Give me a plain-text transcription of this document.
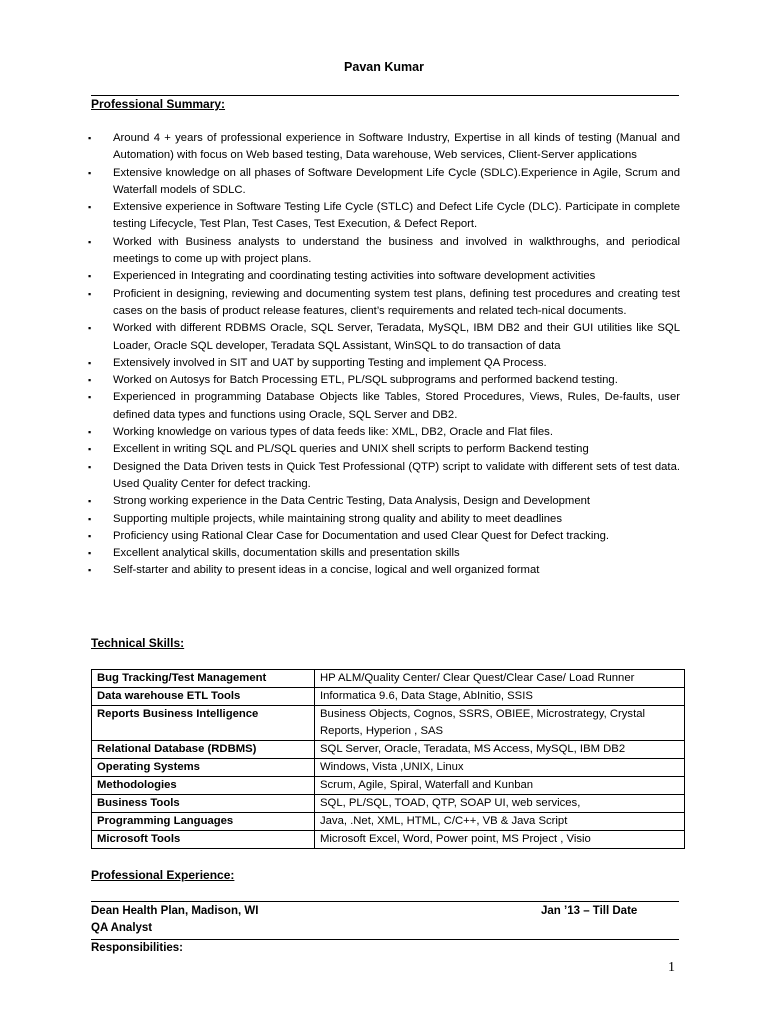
Pavan Kumar
Professional Summary:
▪ Around 4 + years of professional experience in Software Industry, Expertise in all kinds of testing (Manual and Automation) with focus on Web based testing, Data warehouse, Web services, Client-Server applications
▪ Extensive knowledge on all phases of Software Development Life Cycle (SDLC).Experience in Agile, Scrum and Waterfall models of SDLC.
▪ Extensive experience in Software Testing Life Cycle (STLC) and Defect Life Cycle (DLC). Participate in complete testing Lifecycle, Test Plan, Test Cases, Test Execution, & Defect Report.
▪ Worked with Business analysts to understand the business and involved in walkthroughs, and periodical meetings to come up with project plans.
▪ Experienced in Integrating and coordinating testing activities into software development activities
▪ Proficient in designing, reviewing and documenting system test plans, defining test procedures and creating test cases on the basis of product release features, client’s requirements and related tech-nical documents.
▪ Worked with different RDBMS Oracle, SQL Server, Teradata, MySQL, IBM DB2 and their GUI utilities like SQL Loader, Oracle SQL developer, Teradata SQL Assistant, WinSQL to do transaction of data
▪ Extensively involved in SIT and UAT by supporting Testing and implement QA Process.
▪ Worked on Autosys for Batch Processing ETL, PL/SQL subprograms and performed backend testing.
▪ Experienced in programming Database Objects like Tables, Stored Procedures, Views, Rules, De-faults, user defined data types and functions using Oracle, SQL Server and DB2.
▪ Working knowledge on various types of data feeds like: XML, DB2, Oracle and Flat files.
▪ Excellent in writing SQL and PL/SQL queries and UNIX shell scripts to perform Backend testing
▪ Designed the Data Driven tests in Quick Test Professional (QTP) script to validate with different sets of test data. Used Quality Center for defect tracking.
▪ Strong working experience in the Data Centric Testing, Data Analysis, Design and Development
▪ Supporting multiple projects, while maintaining strong quality and ability to meet deadlines
▪ Proficiency using Rational Clear Case for Documentation and used Clear Quest for Defect tracking.
▪ Excellent analytical skills, documentation skills and presentation skills
▪ Self-starter and ability to present ideas in a concise, logical and well organized format
Technical Skills:
Bug Tracking/Test Management	HP ALM/Quality Center/ Clear Quest/Clear Case/ Load Runner
Data warehouse ETL Tools	Informatica 9.6, Data Stage, AbInitio, SSIS
Reports Business Intelligence	Business Objects, Cognos, SSRS, OBIEE, Microstrategy, Crystal Reports, Hyperion , SAS
Relational Database (RDBMS)	SQL Server, Oracle, Teradata, MS Access, MySQL, IBM DB2
Operating Systems	Windows, Vista ,UNIX, Linux
Methodologies	Scrum, Agile, Spiral, Waterfall and Kunban
Business Tools	SQL, PL/SQL, TOAD, QTP, SOAP UI, web services,
Programming Languages	Java, .Net, XML, HTML, C/C++, VB & Java Script
Microsoft Tools	Microsoft Excel, Word, Power point, MS Project , Visio
Professional Experience:
Dean Health Plan, Madison, WI	Jan ’13 – Till Date
QA Analyst
Responsibilities:
1
